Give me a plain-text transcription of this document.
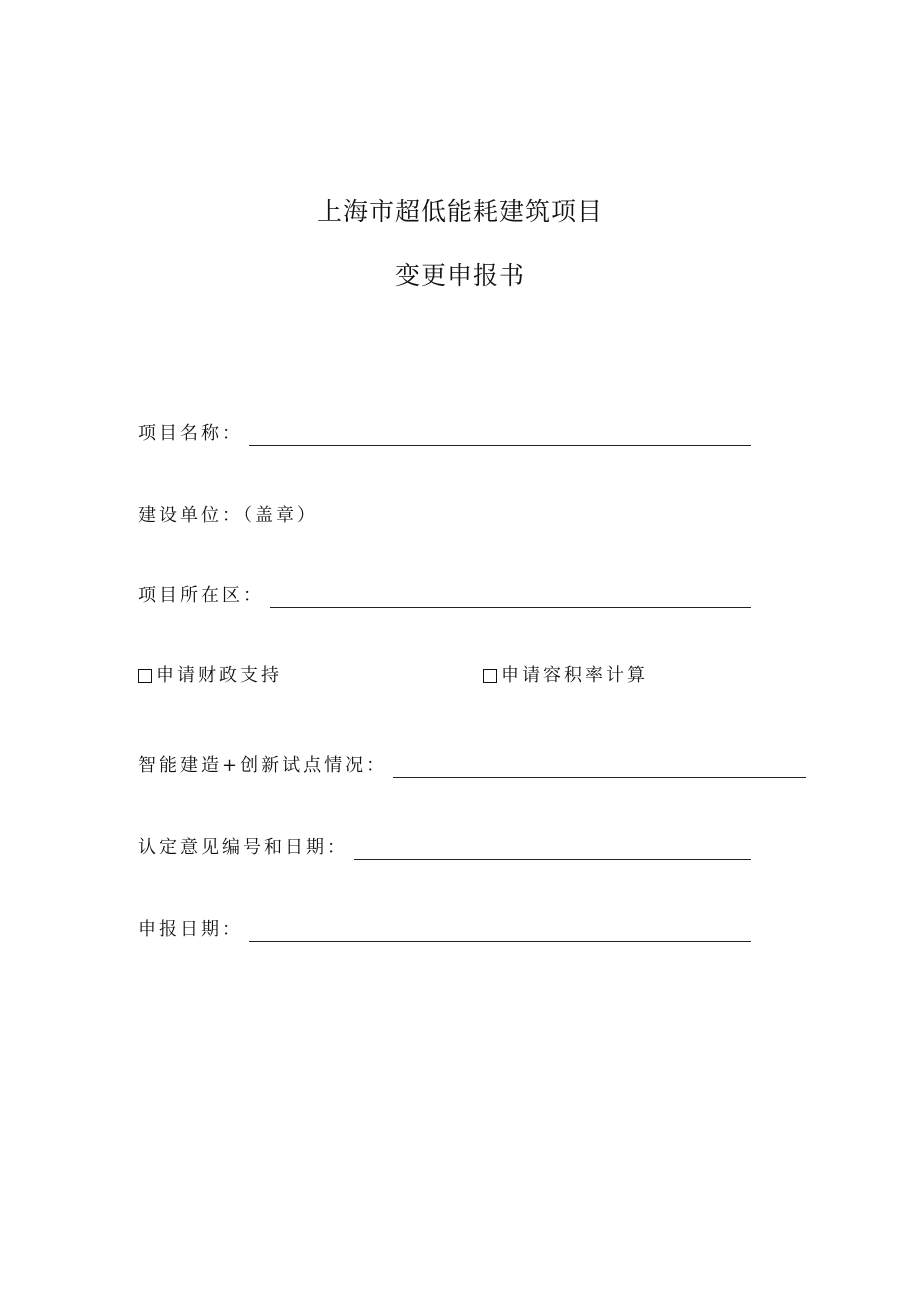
上海市超低能耗建筑项目
变更申报书
项目名称：
建设单位：（盖章）
项目所在区：
申请财政支持	申请容积率计算
智能建造+创新试点情况：
认定意见编号和日期：
申报日期：
